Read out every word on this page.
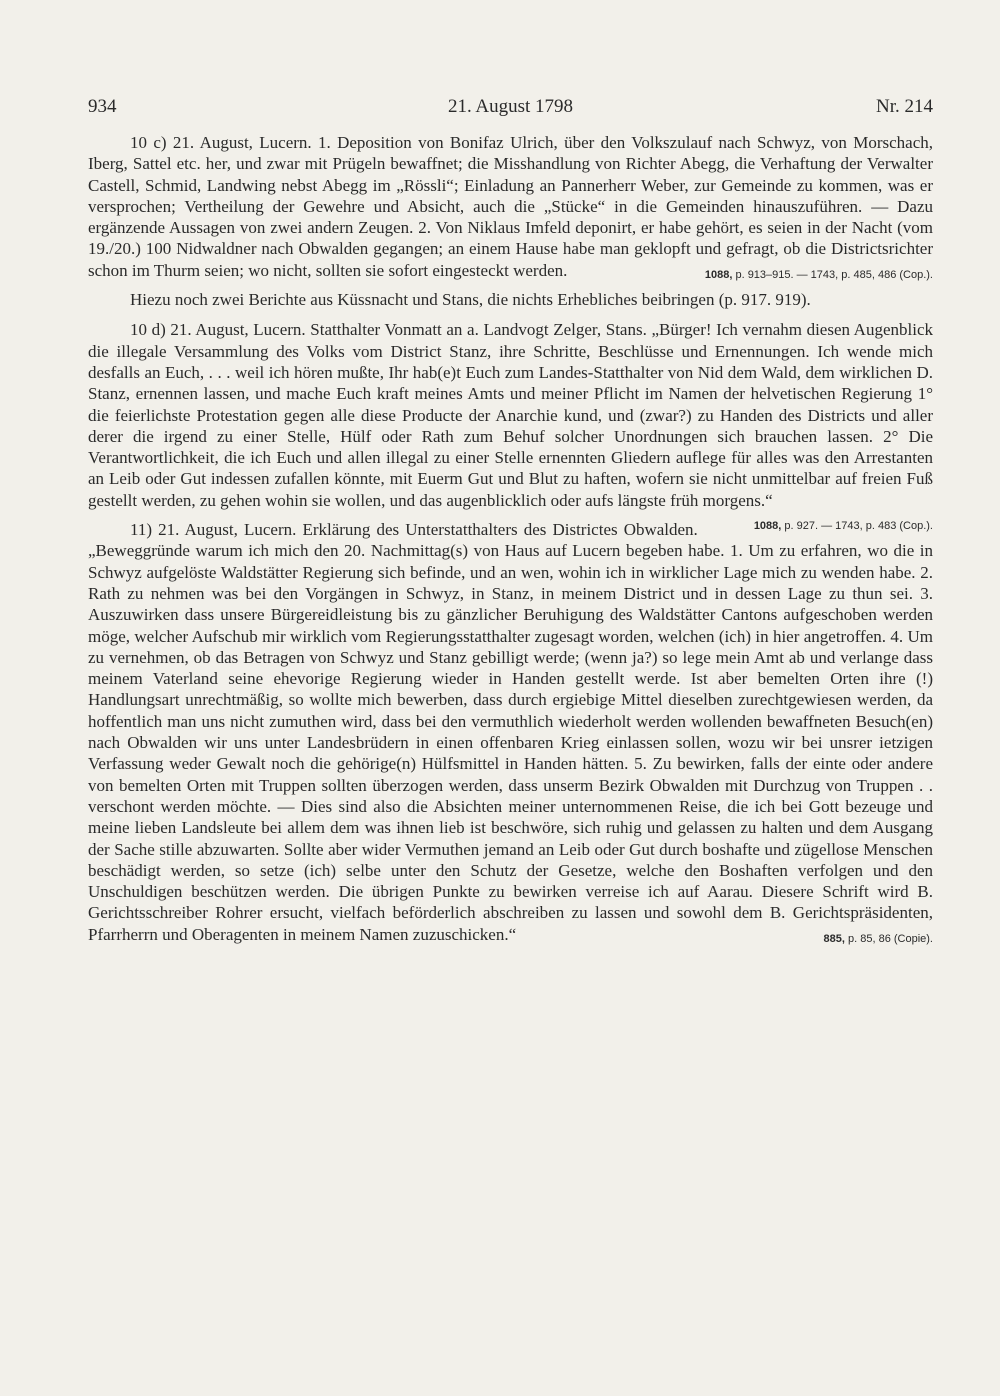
934	21. August 1798	Nr. 214

10 c) 21. August, Lucern. 1. Deposition von Bonifaz Ulrich, über den Volkszulauf nach Schwyz, von Morschach, Iberg, Sattel etc. her, und zwar mit Prügeln bewaffnet; die Misshandlung von Richter Abegg, die Verhaftung der Verwalter Castell, Schmid, Landwing nebst Abegg im „Rössli“; Einladung an Pannerherr Weber, zur Gemeinde zu kommen, was er versprochen; Vertheilung der Gewehre und Absicht, auch die „Stücke“ in die Gemeinden hinauszuführen. — Dazu ergänzende Aussagen von zwei andern Zeugen. 2. Von Niklaus Imfeld deponirt, er habe gehört, es seien in der Nacht (vom 19./20.) 100 Nidwaldner nach Obwalden gegangen; an einem Hause habe man geklopft und gefragt, ob die Districtsrichter schon im Thurm seien; wo nicht, sollten sie sofort eingesteckt werden.	1088, p. 913–915. — 1743, p. 485, 486 (Cop.).

Hiezu noch zwei Berichte aus Küssnacht und Stans, die nichts Erhebliches beibringen (p. 917. 919).

10 d) 21. August, Lucern. Statthalter Vonmatt an a. Landvogt Zelger, Stans. „Bürger! Ich vernahm diesen Augenblick die illegale Versammlung des Volks vom District Stanz, ihre Schritte, Beschlüsse und Ernennungen. Ich wende mich desfalls an Euch, . . . weil ich hören mußte, Ihr hab(e)t Euch zum Landes-Statthalter von Nid dem Wald, dem wirklichen D. Stanz, ernennen lassen, und mache Euch kraft meines Amts und meiner Pflicht im Namen der helvetischen Regierung 1° die feierlichste Protestation gegen alle diese Producte der Anarchie kund, und (zwar?) zu Handen des Districts und aller derer die irgend zu einer Stelle, Hülf oder Rath zum Behuf solcher Unordnungen sich brauchen lassen. 2° Die Verantwortlichkeit, die ich Euch und allen illegal zu einer Stelle ernennten Gliedern auflege für alles was den Arrestanten an Leib oder Gut indessen zufallen könnte, mit Euerm Gut und Blut zu haften, wofern sie nicht unmittelbar auf freien Fuß gestellt werden, zu gehen wohin sie wollen, und das augenblicklich oder aufs längste früh morgens.“
1088, p. 927. — 1743, p. 483 (Cop.).

11) 21. August, Lucern. Erklärung des Unterstatthalters des Districtes Obwalden. „Beweggründe warum ich mich den 20. Nachmittag(s) von Haus auf Lucern begeben habe. 1. Um zu erfahren, wo die in Schwyz aufgelöste Waldstätter Regierung sich befinde, und an wen, wohin ich in wirklicher Lage mich zu wenden habe. 2. Rath zu nehmen was bei den Vorgängen in Schwyz, in Stanz, in meinem District und in dessen Lage zu thun sei. 3. Auszuwirken dass unsere Bürgereidleistung bis zu gänzlicher Beruhigung des Waldstätter Cantons aufgeschoben werden möge, welcher Aufschub mir wirklich vom Regierungsstatthalter zugesagt worden, welchen (ich) in hier angetroffen. 4. Um zu vernehmen, ob das Betragen von Schwyz und Stanz gebilligt werde; (wenn ja?) so lege mein Amt ab und verlange dass meinem Vaterland seine ehevorige Regierung wieder in Handen gestellt werde. Ist aber bemelten Orten ihre (!) Handlungsart unrechtmäßig, so wollte mich bewerben, dass durch ergiebige Mittel dieselben zurechtgewiesen werden, da hoffentlich man uns nicht zumuthen wird, dass bei den vermuthlich wiederholt werden wollenden bewaffneten Besuch(en) nach Obwalden wir uns unter Landesbrüdern in einen offenbaren Krieg einlassen sollen, wozu wir bei unsrer ietzigen Verfassung weder Gewalt noch die gehörige(n) Hülfsmittel in Handen hätten. 5. Zu bewirken, falls der einte oder andere von bemelten Orten mit Truppen sollten überzogen werden, dass unserm Bezirk Obwalden mit Durchzug von Truppen . . verschont werden möchte. — Dies sind also die Absichten meiner unternommenen Reise, die ich bei Gott bezeuge und meine lieben Landsleute bei allem dem was ihnen lieb ist beschwöre, sich ruhig und gelassen zu halten und dem Ausgang der Sache stille abzuwarten. Sollte aber wider Vermuthen jemand an Leib oder Gut durch boshafte und zügellose Menschen beschädigt werden, so setze (ich) selbe unter den Schutz der Gesetze, welche den Boshaften verfolgen und den Unschuldigen beschützen werden. Die übrigen Punkte zu bewirken verreise ich auf Aarau. Diesere Schrift wird B. Gerichtsschreiber Rohrer ersucht, vielfach beförderlich abschreiben zu lassen und sowohl dem B. Gerichtspräsidenten, Pfarrherrn und Oberagenten in meinem Namen zuzuschicken.“	885, p. 85, 86 (Copie).
